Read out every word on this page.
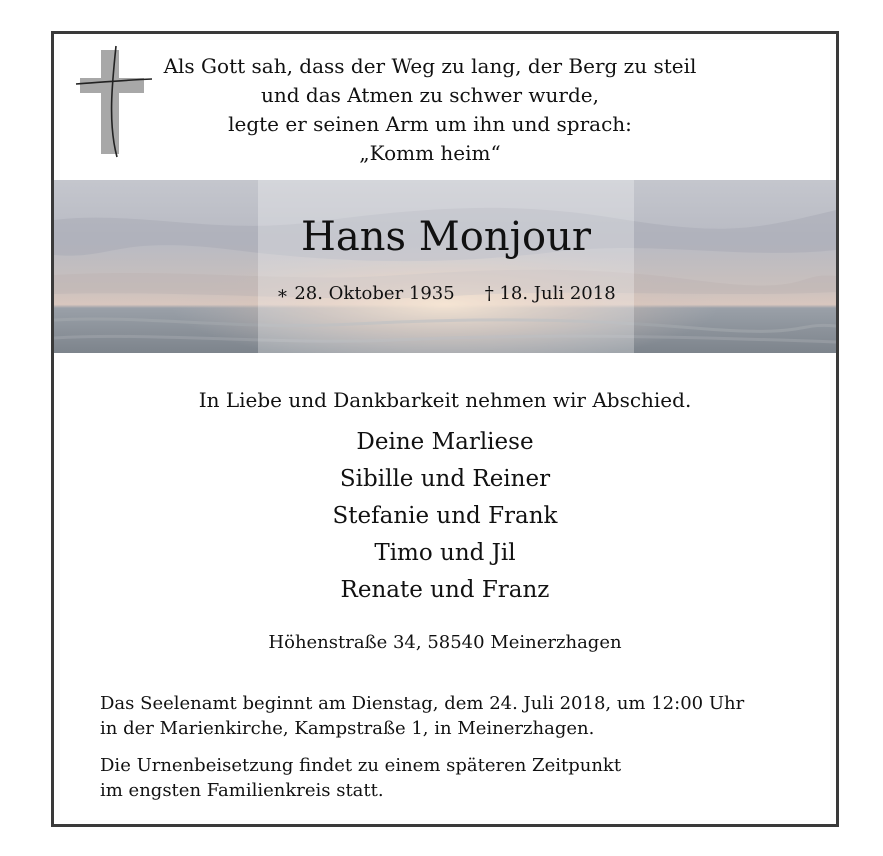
Als Gott sah, dass der Weg zu lang, der Berg zu steil
und das Atmen zu schwer wurde,
legte er seinen Arm um ihn und sprach:
„Komm heim“
Hans Monjour
∗ 28. Oktober 1935 † 18. Juli 2018
In Liebe und Dankbarkeit nehmen wir Abschied.
Deine Marliese
Sibille und Reiner
Stefanie und Frank
Timo und Jil
Renate und Franz
Höhenstraße 34, 58540 Meinerzhagen
Das Seelenamt beginnt am Dienstag, dem 24. Juli 2018, um 12:00 Uhr
in der Marienkirche, Kampstraße 1, in Meinerzhagen.
Die Urnenbeisetzung findet zu einem späteren Zeitpunkt
im engsten Familienkreis statt.
